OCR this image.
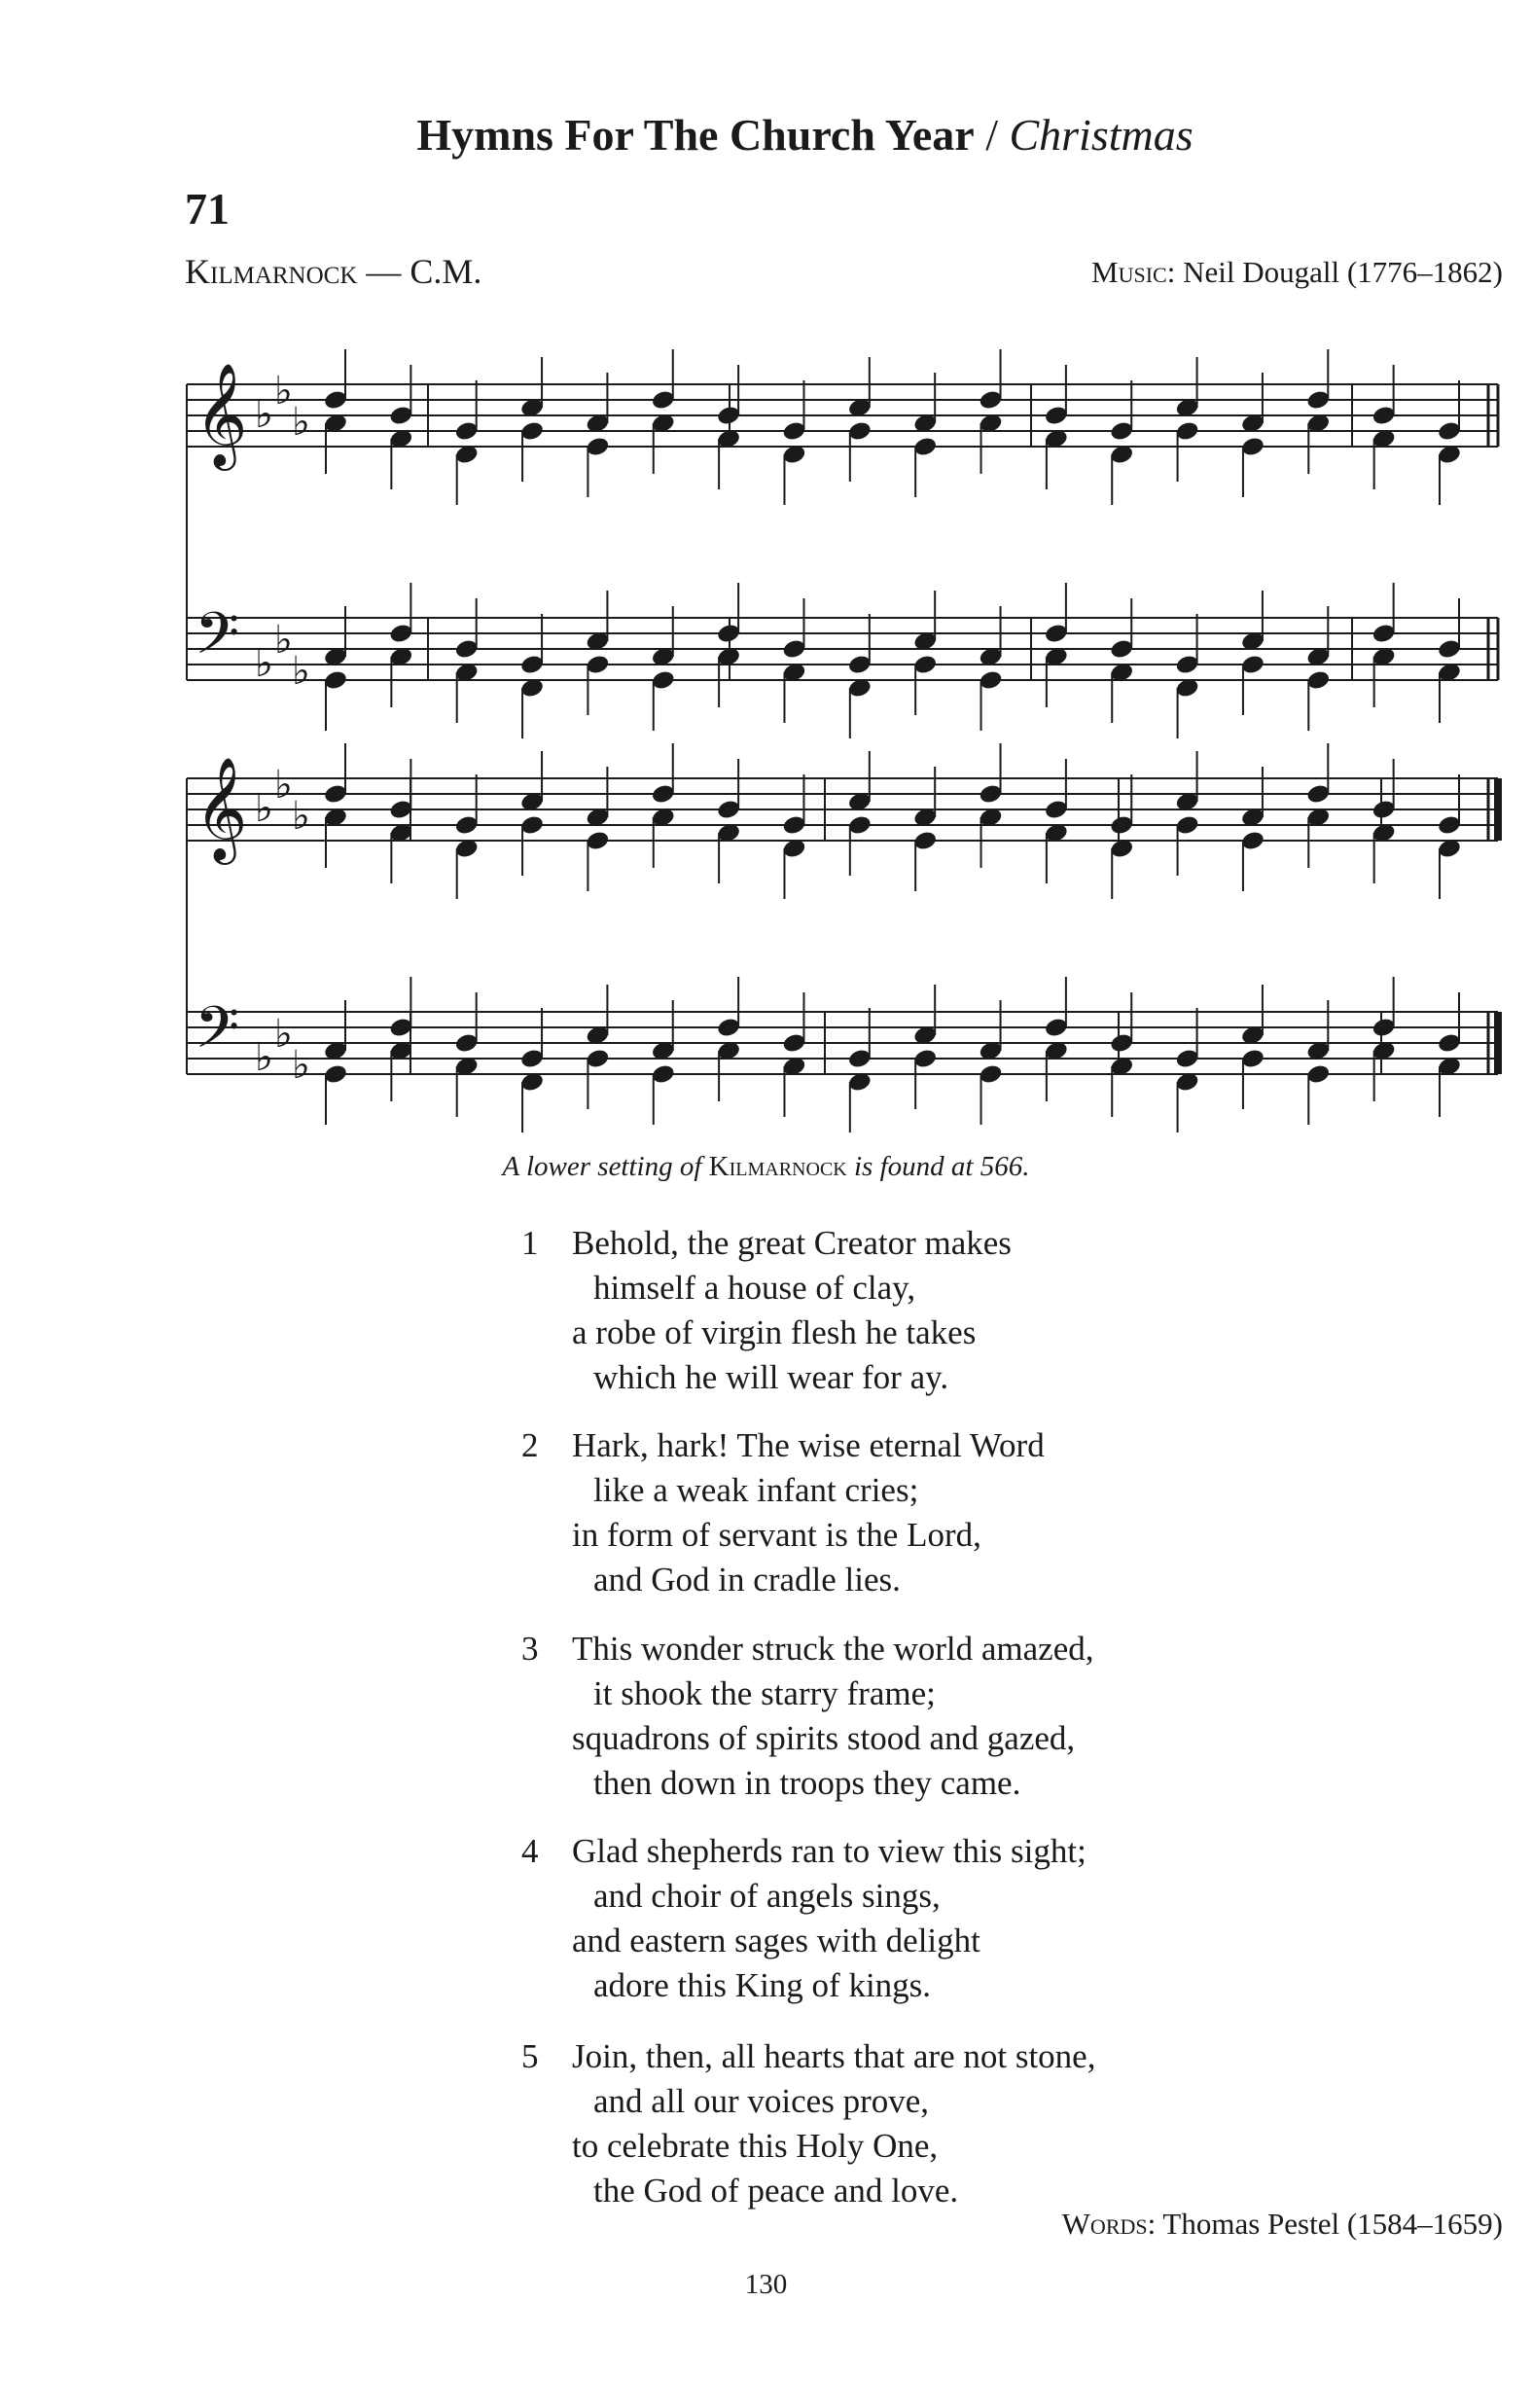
Hymns For The Church Year / Christmas
71
Kilmarnock — C.M.	Music: Neil Dougall (1776–1862)
𝄞 ♭
♭
♭
𝄢 ♭
♭
♭
𝄞 ♭
♭
♭
𝄢 ♭
♭
♭
A lower setting of Kilmarnock is found at 566.
1 Behold, the great Creator makes
himself a house of clay,
a robe of virgin flesh he takes
which he will wear for ay.
2 Hark, hark! The wise eternal Word
like a weak infant cries;
in form of servant is the Lord,
and God in cradle lies.
3 This wonder struck the world amazed,
it shook the starry frame;
squadrons of spirits stood and gazed,
then down in troops they came.
4 Glad shepherds ran to view this sight;
and choir of angels sings,
and eastern sages with delight
adore this King of kings.
5 Join, then, all hearts that are not stone,
and all our voices prove,
to celebrate this Holy One,
the God of peace and love.
Words: Thomas Pestel (1584–1659)
130
